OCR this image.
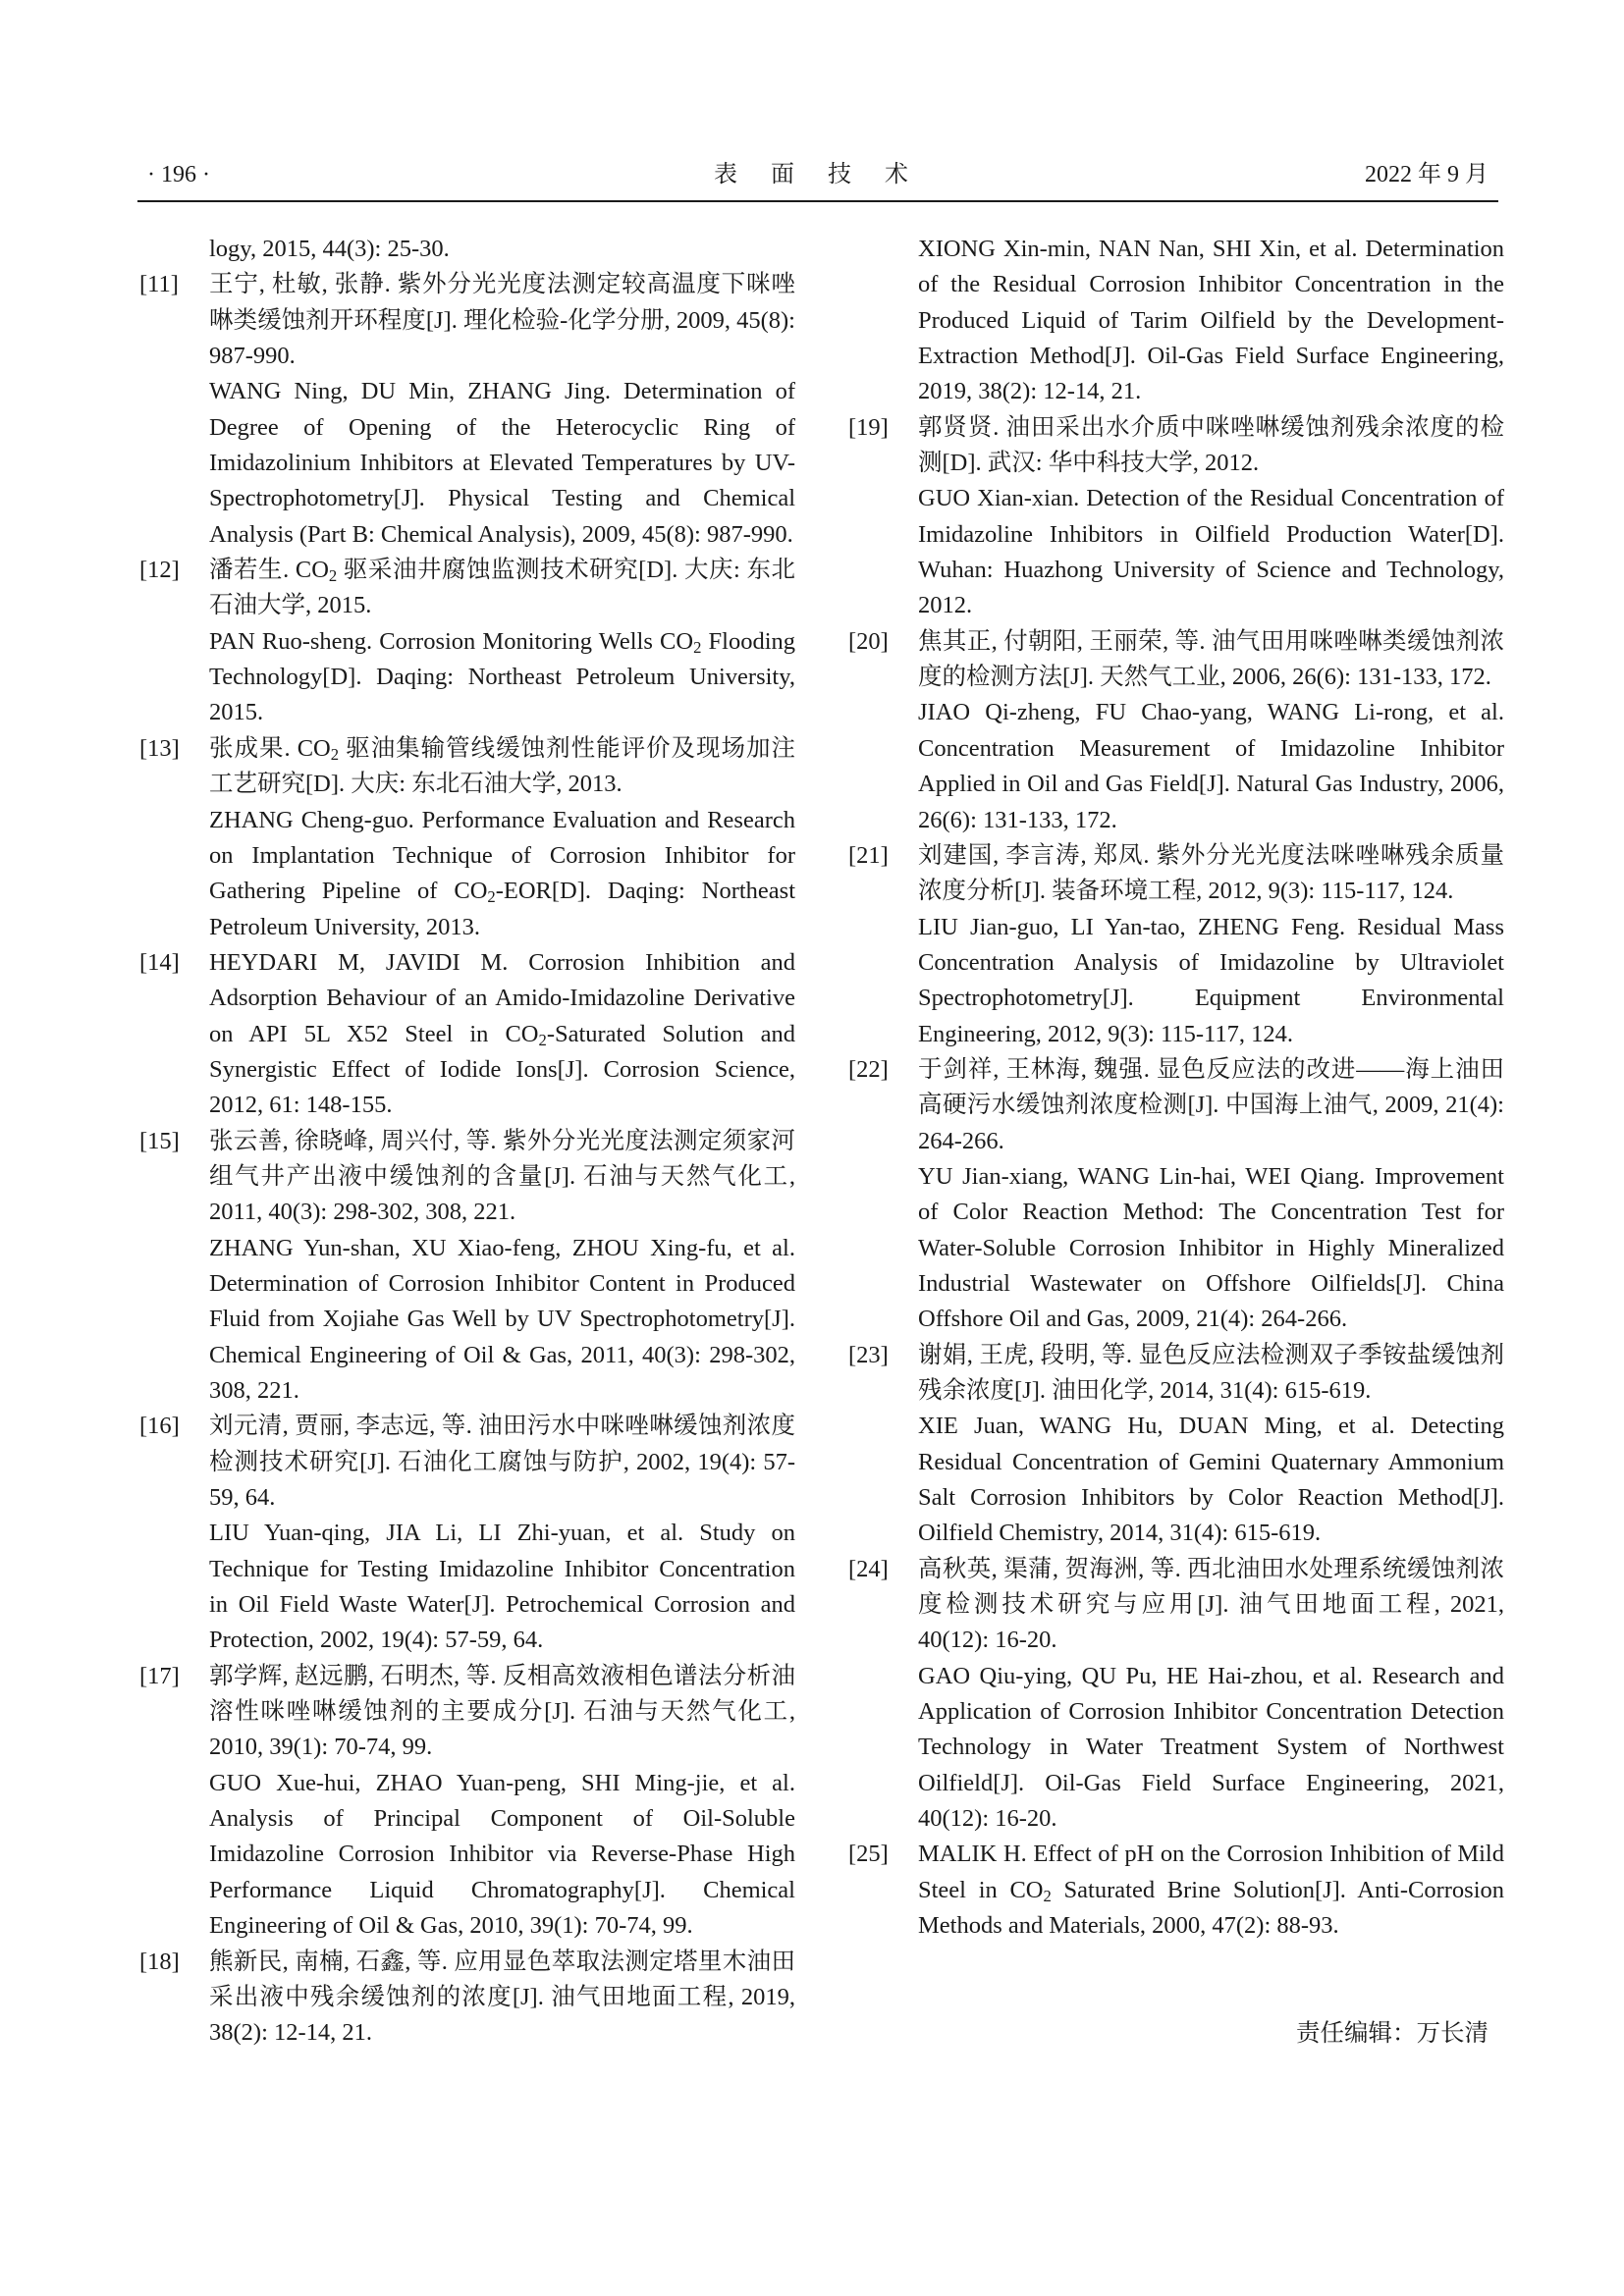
· 196 ·	表 面 技 术	2022 年 9 月
logy, 2015, 44(3): 25-30.
[11] 王宁, 杜敏, 张静. 紫外分光光度法测定较高温度下咪唑啉类缓蚀剂开环程度[J]. 理化检验-化学分册, 2009, 45(8): 987-990.
WANG Ning, DU Min, ZHANG Jing. Determination of Degree of Opening of the Heterocyclic Ring of Imidazolinium Inhibitors at Elevated Temperatures by UV-Spectrophotometry[J]. Physical Testing and Chemical Analysis (Part B: Chemical Analysis), 2009, 45(8): 987-990.
[12] 潘若生. $CO_2$ 驱采油井腐蚀监测技术研究[D]. 大庆: 东北石油大学, 2015.
PAN Ruo-sheng. Corrosion Monitoring Wells $CO_2$ Flooding Technology[D]. Daqing: Northeast Petroleum University, 2015.
[13] 张成果. $CO_2$ 驱油集输管线缓蚀剂性能评价及现场加注工艺研究[D]. 大庆: 东北石油大学, 2013.
ZHANG Cheng-guo. Performance Evaluation and Research on Implantation Technique of Corrosion Inhibitor for Gathering Pipeline of $CO_2-EOR[D]$. Daqing: Northeast Petroleum University, 2013.
[14] HEYDARI M, JAVIDI M. Corrosion Inhibition and Adsorption Behaviour of an Amido-Imidazoline Derivative on API 5L X52 Steel in $CO_2$-Saturated Solution and Synergistic Effect of Iodide Ions[J]. Corrosion Science, 2012, 61: 148-155.
[15] 张云善, 徐晓峰, 周兴付, 等. 紫外分光光度法测定须家河组气井产出液中缓蚀剂的含量[J]. 石油与天然气化工, 2011, 40(3): 298-302, 308, 221.
ZHANG Yun-shan, XU Xiao-feng, ZHOU Xing-fu, et al. Determination of Corrosion Inhibitor Content in Produced Fluid from Xojiahe Gas Well by UV Spectrophotometry[J]. Chemical Engineering of Oil & Gas, 2011, 40(3): 298-302, 308, 221.
[16] 刘元清, 贾丽, 李志远, 等. 油田污水中咪唑啉缓蚀剂浓度检测技术研究[J]. 石油化工腐蚀与防护, 2002, 19(4): 57-59, 64.
LIU Yuan-qing, JIA Li, LI Zhi-yuan, et al. Study on Technique for Testing Imidazoline Inhibitor Concentration in Oil Field Waste Water[J]. Petrochemical Corrosion and Protection, 2002, 19(4): 57-59, 64.
[17] 郭学辉, 赵远鹏, 石明杰, 等. 反相高效液相色谱法分析油溶性咪唑啉缓蚀剂的主要成分[J]. 石油与天然气化工, 2010, 39(1): 70-74, 99.
GUO Xue-hui, ZHAO Yuan-peng, SHI Ming-jie, et al. Analysis of Principal Component of Oil-Soluble Imidazoline Corrosion Inhibitor via Reverse-Phase High Performance Liquid Chromatography[J]. Chemical Engineering of Oil & Gas, 2010, 39(1): 70-74, 99.
[18] 熊新民, 南楠, 石鑫, 等. 应用显色萃取法测定塔里木油田采出液中残余缓蚀剂的浓度[J]. 油气田地面工程, 2019, 38(2): 12-14, 21.
XIONG Xin-min, NAN Nan, SHI Xin, et al. Determination of the Residual Corrosion Inhibitor Concentration in the Produced Liquid of Tarim Oilfield by the Development-Extraction Method[J]. Oil-Gas Field Surface Engineering, 2019, 38(2): 12-14, 21.
[19] 郭贤贤. 油田采出水介质中咪唑啉缓蚀剂残余浓度的检测[D]. 武汉: 华中科技大学, 2012.
GUO Xian-xian. Detection of the Residual Concentration of Imidazoline Inhibitors in Oilfield Production Water[D]. Wuhan: Huazhong University of Science and Technology, 2012.
[20] 焦其正, 付朝阳, 王丽荣, 等. 油气田用咪唑啉类缓蚀剂浓度的检测方法[J]. 天然气工业, 2006, 26(6): 131-133, 172.
JIAO Qi-zheng, FU Chao-yang, WANG Li-rong, et al. Concentration Measurement of Imidazoline Inhibitor Applied in Oil and Gas Field[J]. Natural Gas Industry, 2006, 26(6): 131-133, 172.
[21] 刘建国, 李言涛, 郑凤. 紫外分光光度法咪唑啉残余质量浓度分析[J]. 装备环境工程, 2012, 9(3): 115-117, 124.
LIU Jian-guo, LI Yan-tao, ZHENG Feng. Residual Mass Concentration Analysis of Imidazoline by Ultraviolet Spectrophotometry[J]. Equipment Environmental Engineering, 2012, 9(3): 115-117, 124.
[22] 于剑祥, 王林海, 魏强. 显色反应法的改进——海上油田高硬污水缓蚀剂浓度检测[J]. 中国海上油气, 2009, 21(4): 264-266.
YU Jian-xiang, WANG Lin-hai, WEI Qiang. Improvement of Color Reaction Method: The Concentration Test for Water-Soluble Corrosion Inhibitor in Highly Mineralized Industrial Wastewater on Offshore Oilfields[J]. China Offshore Oil and Gas, 2009, 21(4): 264-266.
[23] 谢娟, 王虎, 段明, 等. 显色反应法检测双子季铵盐缓蚀剂残余浓度[J]. 油田化学, 2014, 31(4): 615-619.
XIE Juan, WANG Hu, DUAN Ming, et al. Detecting Residual Concentration of Gemini Quaternary Ammonium Salt Corrosion Inhibitors by Color Reaction Method[J]. Oilfield Chemistry, 2014, 31(4): 615-619.
[24] 高秋英, 渠蒲, 贺海洲, 等. 西北油田水处理系统缓蚀剂浓度检测技术研究与应用[J]. 油气田地面工程, 2021, 40(12): 16-20.
GAO Qiu-ying, QU Pu, HE Hai-zhou, et al. Research and Application of Corrosion Inhibitor Concentration Detection Technology in Water Treatment System of Northwest Oilfield[J]. Oil-Gas Field Surface Engineering, 2021, 40(12): 16-20.
[25] MALIK H. Effect of pH on the Corrosion Inhibition of Mild Steel in $CO_2$ Saturated Brine Solution[J]. Anti-Corrosion Methods and Materials, 2000, 47(2): 88-93.
责任编辑：万长清
